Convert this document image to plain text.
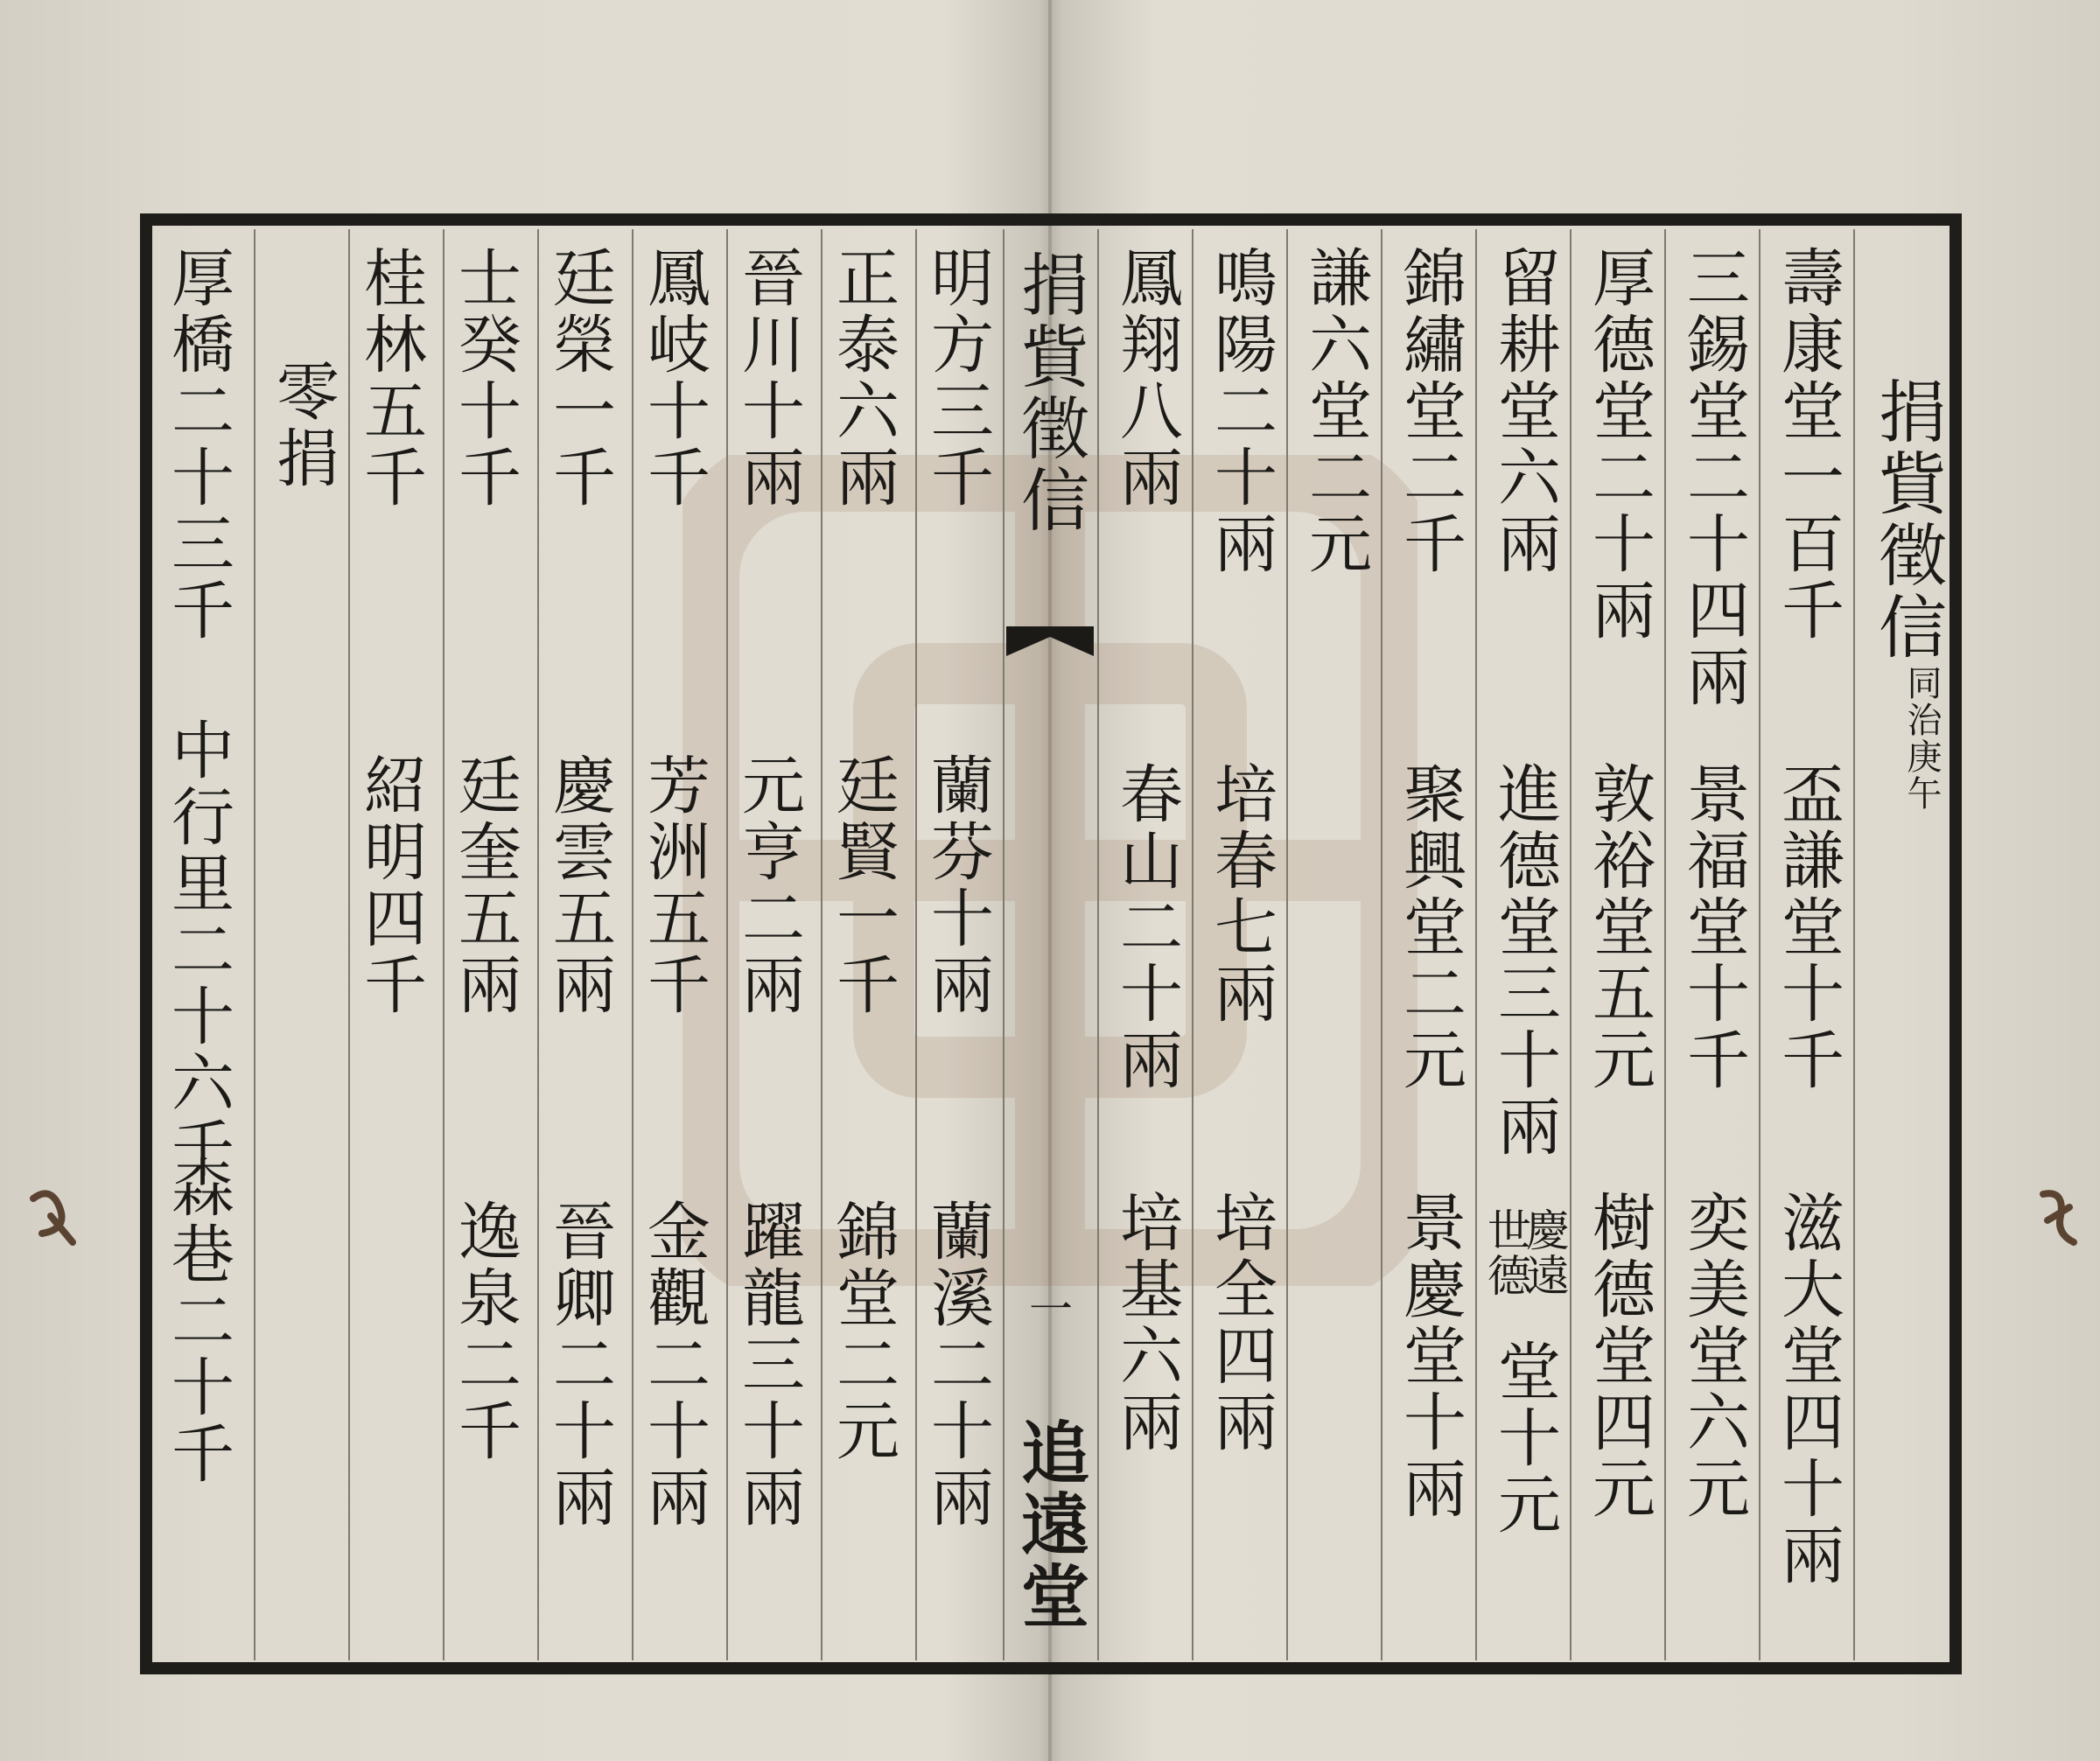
捐貲徵信
同治庚午
壽康堂一百千
盃謙堂十千
滋大堂四十兩
三錫堂二十四兩
景福堂十千
奕美堂六元
厚德堂二十兩
敦裕堂五元
樹德堂四元
留耕堂六兩
進德堂三十兩
慶遠
世德
堂十元
錦繡堂二千
聚興堂二元
景慶堂十兩
謙六堂二元
鳴陽二十兩
培春七兩
培全四兩
鳳翔八兩
春山二十兩
培基六兩
捐貲徵信
一
追遠堂
明方三千
蘭芬十兩
蘭溪二十兩
正泰六兩
廷賢一千
錦堂二元
晉川十兩
元亨二兩
躍龍三十兩
鳳岐十千
芳洲五千
金觀二十兩
廷榮一千
慶雲五兩
晉卿二十兩
士癸十千
廷奎五兩
逸泉二千
桂林五千
紹明四千
零捐
厚橋二十三千
中行里二十六千
森巷二十千
